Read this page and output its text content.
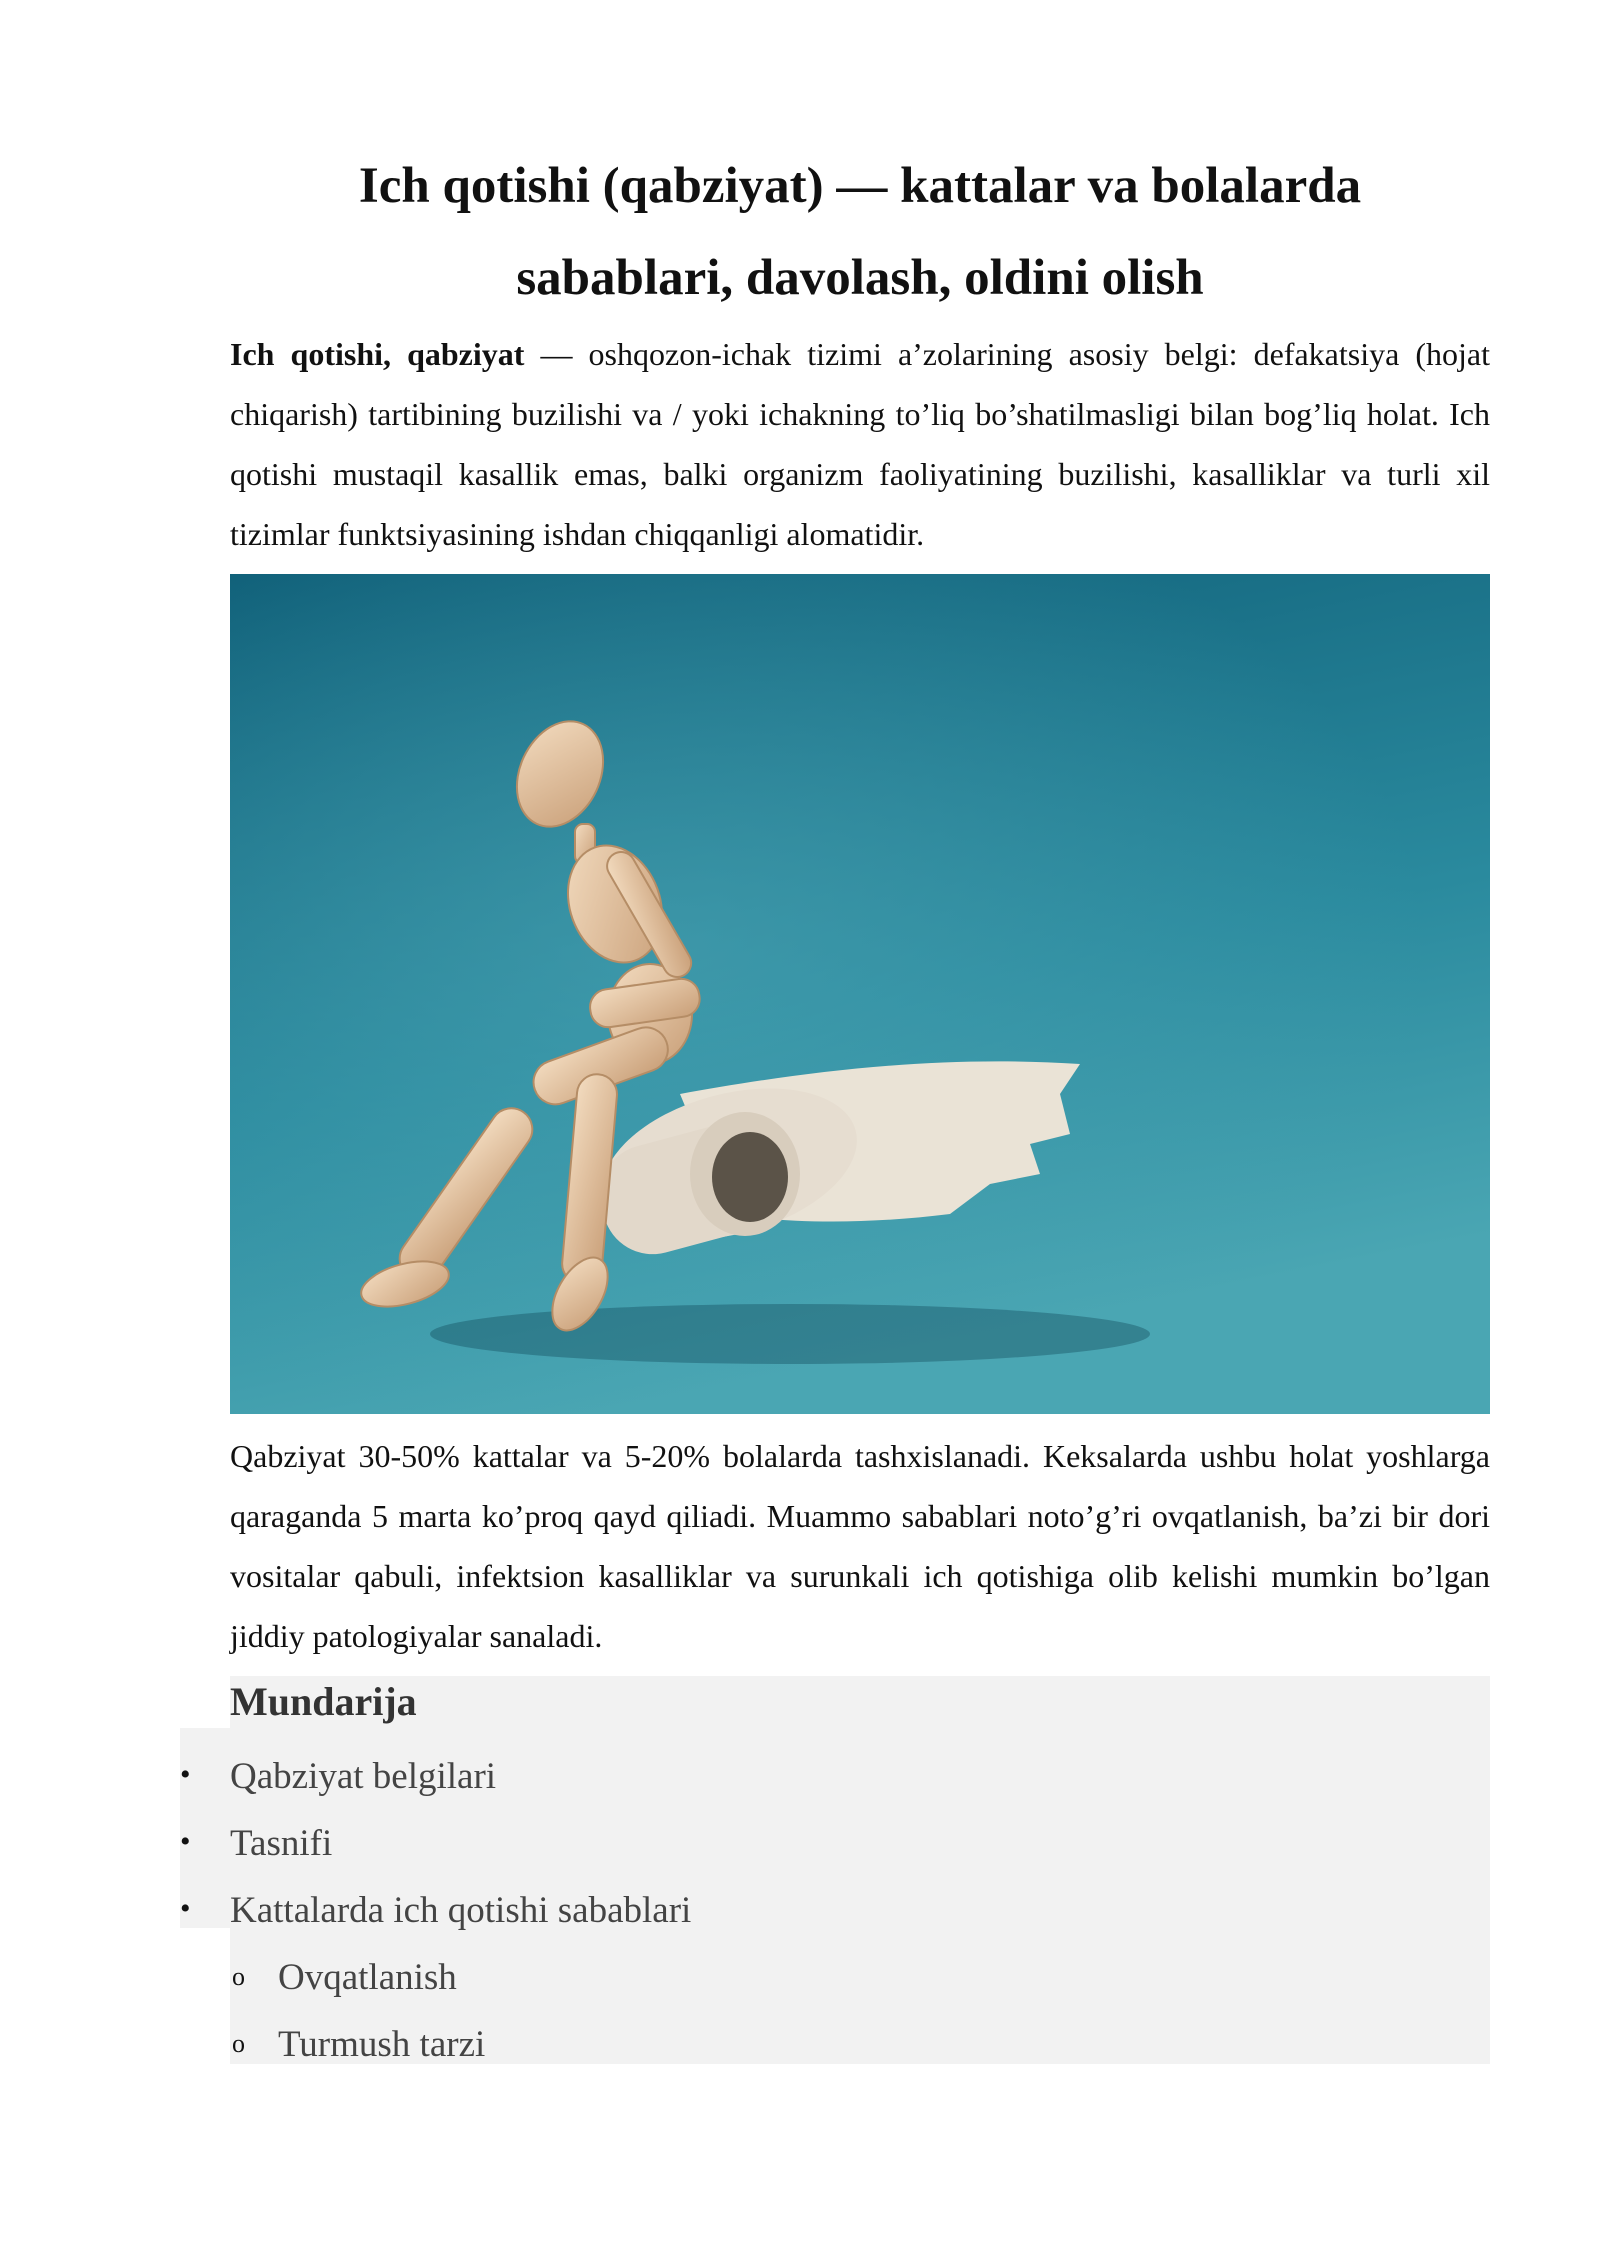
Ich qotishi (qabziyat) — kattalar va bolalarda
sabablari, davolash, oldini olish

Ich qotishi, qabziyat — oshqozon-ichak tizimi a’zolarining asosiy belgi: defakatsiya (hojat chiqarish) tartibining buzilishi va / yoki ichakning to’liq bo’shatilmasligi bilan bog’liq holat. Ich qotishi mustaqil kasallik emas, balki organizm faoliyatining buzilishi, kasalliklar va turli xil tizimlar funktsiyasining ishdan chiqqanligi alomatidir.

Qabziyat 30-50% kattalar va 5-20% bolalarda tashxislanadi. Keksalarda ushbu holat yoshlarga qaraganda 5 marta ko’proq qayd qiliadi. Muammo sabablari noto’g’ri ovqatlanish, ba’zi bir dori vositalar qabuli, infektsion kasalliklar va surunkali ich qotishiga olib kelishi mumkin bo’lgan jiddiy patologiyalar sanaladi.

Mundarija
• Qabziyat belgilari
• Tasnifi
• Kattalarda ich qotishi sabablari
o Ovqatlanish
o Turmush tarzi
